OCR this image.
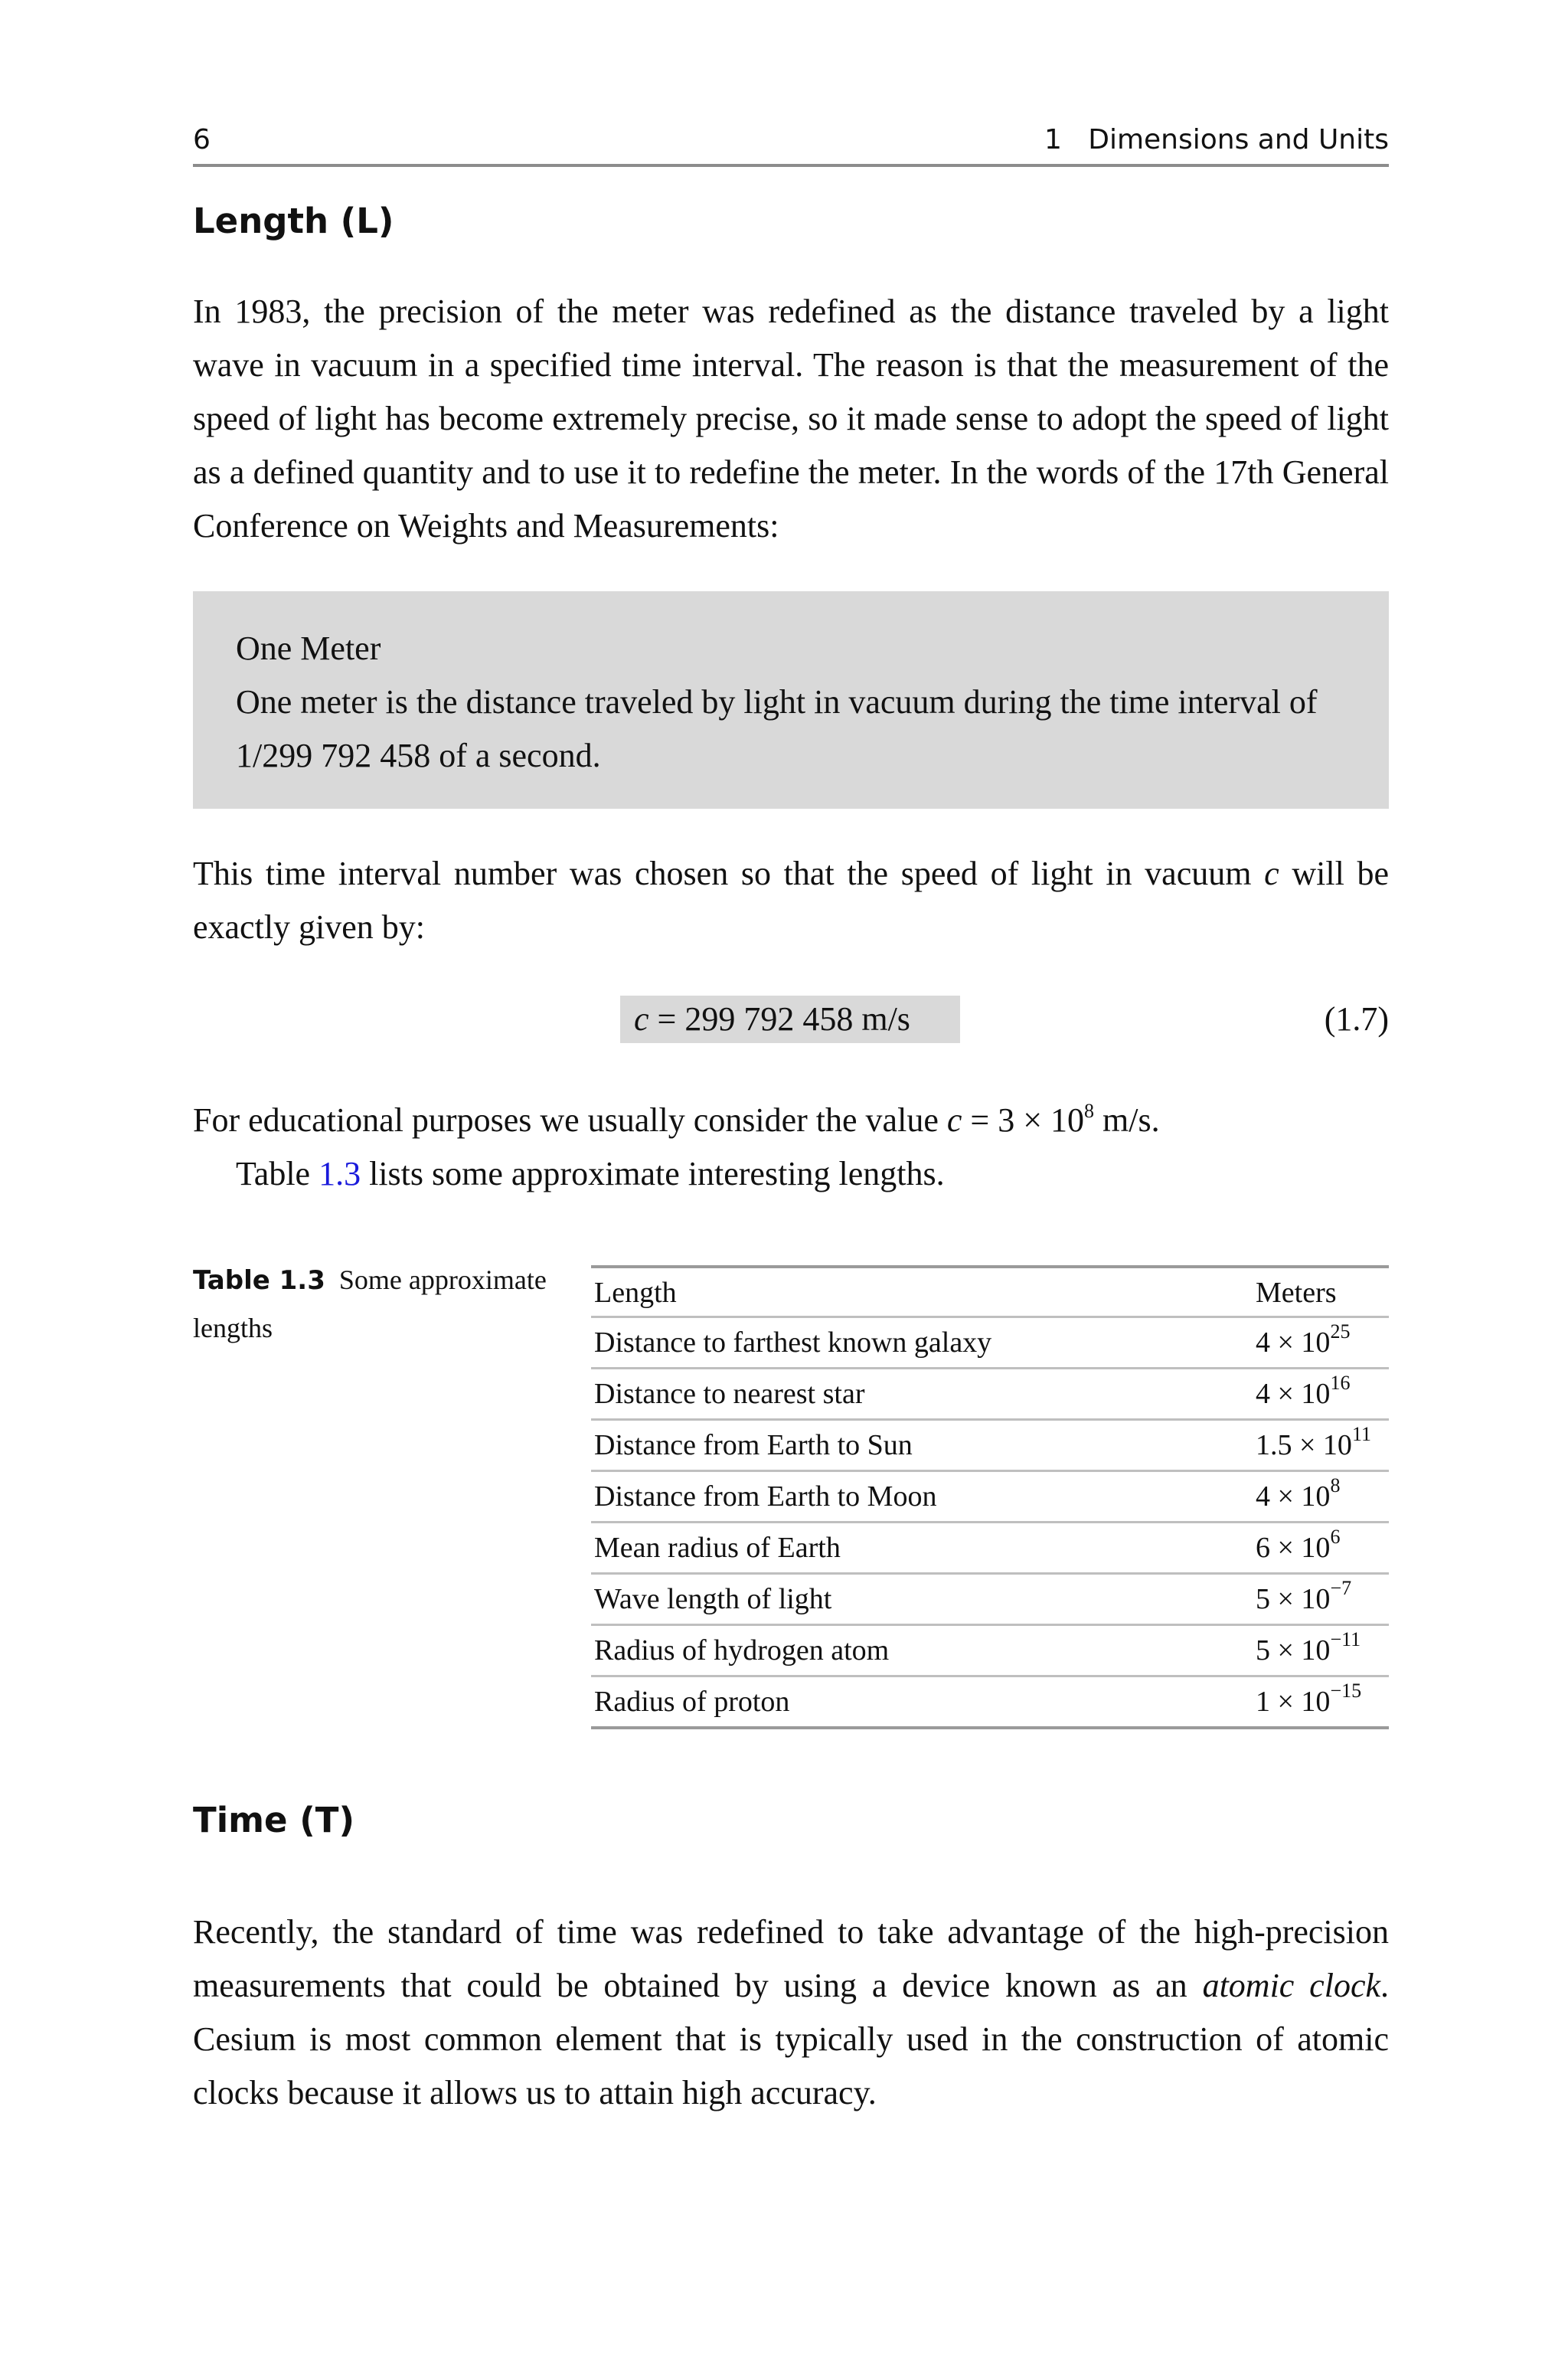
6	1   Dimensions and Units
Length (L)

In 1983, the precision of the meter was redefined as the distance traveled by a light wave in vacuum in a specified time interval. The reason is that the measurement of the speed of light has become extremely precise, so it made sense to adopt the speed of light as a defined quantity and to use it to redefine the meter. In the words of the 17th General Conference on Weights and Measurements:

One Meter
One meter is the distance traveled by light in vacuum during the time interval of 1/299 792 458 of a second.

This time interval number was chosen so that the speed of light in vacuum c will be exactly given by:

c = 299 792 458 m/s	(1.7)

For educational purposes we usually consider the value $c = 3 \times 10^8$ m/s.

Table 1.3 lists some approximate interesting lengths.

Table 1.3 Some approximate lengths
Length	Meters
Distance to farthest known galaxy	$4 \times 10^{25}$
Distance to nearest star	$4 \times 10^{16}$
Distance from Earth to Sun	$1.5 \times 10^{11}$
Distance from Earth to Moon	$4 \times 10^8$
Mean radius of Earth	$6 \times 10^6$
Wave length of light	$5 \times 10^{-7}$
Radius of hydrogen atom	$5 \times 10^{-11}$
Radius of proton	$1 \times 10^{-15}$
Time (T)

Recently, the standard of time was redefined to take advantage of the high-precision measurements that could be obtained by using a device known as an atomic clock. Cesium is most common element that is typically used in the construction of atomic clocks because it allows us to attain high accuracy.
